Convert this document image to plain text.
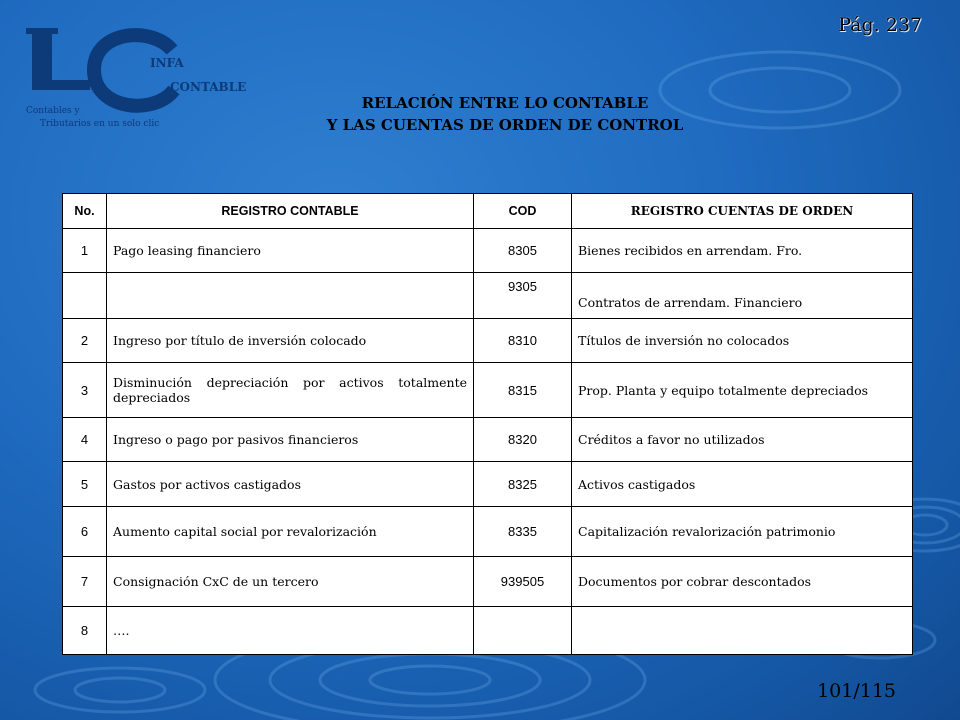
INFA
CONTABLE
Contables y
Tributarios en un solo clic
Pág. 237
RELACIÓN ENTRE LO CONTABLE
Y LAS CUENTAS DE ORDEN DE CONTROL
No.	REGISTRO CONTABLE	COD	REGISTRO CUENTAS DE ORDEN
1	Pago leasing financiero	8305	Bienes recibidos en arrendam. Fro.
		9305	Contratos de arrendam. Financiero
2	Ingreso por título de inversión colocado	8310	Títulos de inversión no colocados
3	Disminución depreciación por activos totalmente depreciados	8315	Prop. Planta y equipo totalmente depreciados
4	Ingreso o pago por pasivos financieros	8320	Créditos a favor no utilizados
5	Gastos por activos castigados	8325	Activos castigados
6	Aumento capital social por revalorización	8335	Capitalización revalorización patrimonio
7	Consignación CxC de un tercero	939505	Documentos por cobrar descontados
8	….		
101/115
